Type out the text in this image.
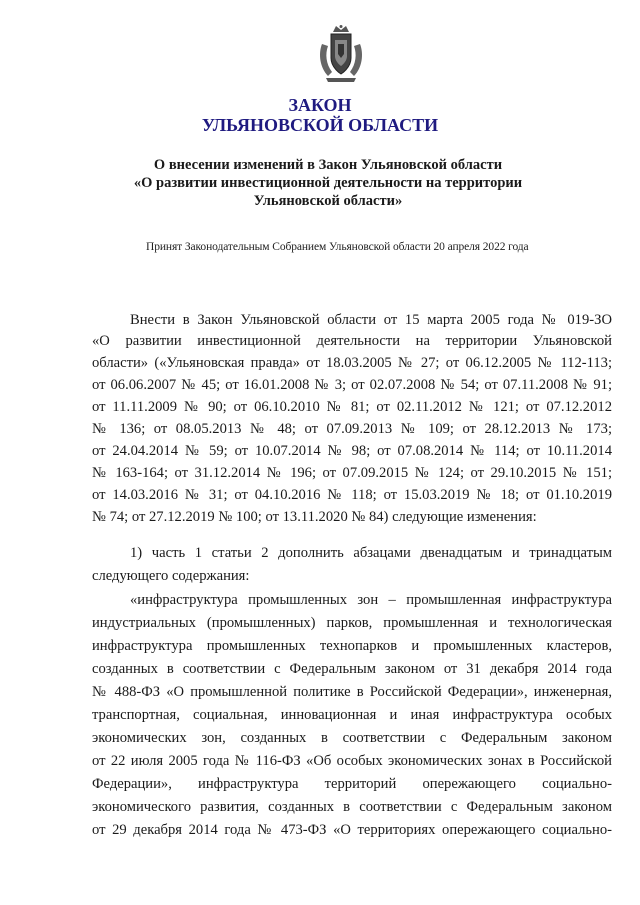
ЗАКОН
УЛЬЯНОВСКОЙ ОБЛАСТИ
О внесении изменений в Закон Ульяновской области
«О развитии инвестиционной деятельности на территории
Ульяновской области»
Принят Законодательным Собранием Ульяновской области 20 апреля 2022 года
Внести в Закон Ульяновской области от 15 марта 2005 года № 019-ЗО
«О развитии инвестиционной деятельности на территории Ульяновской
области» («Ульяновская правда» от 18.03.2005 № 27; от 06.12.2005 № 112-113;
от 06.06.2007 № 45; от 16.01.2008 № 3; от 02.07.2008 № 54; от 07.11.2008 № 91;
от 11.11.2009 № 90; от 06.10.2010 № 81; от 02.11.2012 № 121; от 07.12.2012
№ 136; от 08.05.2013 № 48; от 07.09.2013 № 109; от 28.12.2013 № 173;
от 24.04.2014 № 59; от 10.07.2014 № 98; от 07.08.2014 № 114; от 10.11.2014
№ 163-164; от 31.12.2014 № 196; от 07.09.2015 № 124; от 29.10.2015 № 151;
от 14.03.2016 № 31; от 04.10.2016 № 118; от 15.03.2019 № 18; от 01.10.2019
№ 74; от 27.12.2019 № 100; от 13.11.2020 № 84) следующие изменения:
1) часть 1 статьи 2 дополнить абзацами двенадцатым и тринадцатым
следующего содержания:
«инфраструктура промышленных зон – промышленная инфраструктура
индустриальных (промышленных) парков, промышленная и технологическая
инфраструктура промышленных технопарков и промышленных кластеров,
созданных в соответствии с Федеральным законом от 31 декабря 2014 года
№ 488-ФЗ «О промышленной политике в Российской Федерации», инженерная,
транспортная, социальная, инновационная и иная инфраструктура особых
экономических зон, созданных в соответствии с Федеральным законом
от 22 июля 2005 года № 116-ФЗ «Об особых экономических зонах в Российской
Федерации», инфраструктура территорий опережающего социально-
экономического развития, созданных в соответствии с Федеральным законом
от 29 декабря 2014 года № 473-ФЗ «О территориях опережающего социально-
